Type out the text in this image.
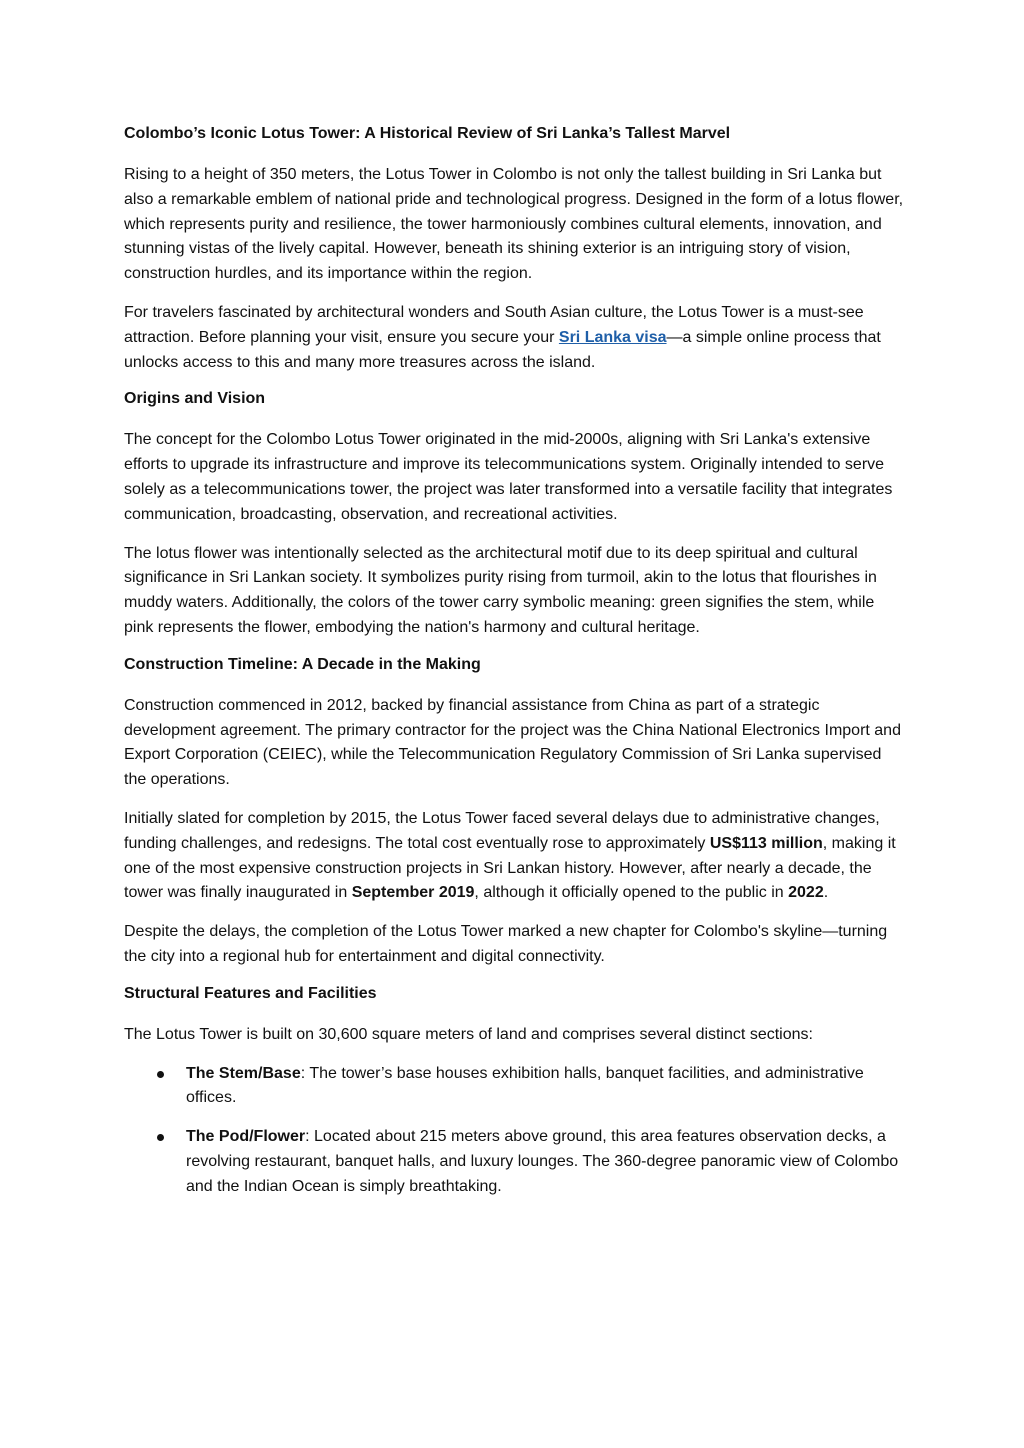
Colombo’s Iconic Lotus Tower: A Historical Review of Sri Lanka’s Tallest Marvel

Rising to a height of 350 meters, the Lotus Tower in Colombo is not only the tallest building in Sri Lanka but also a remarkable emblem of national pride and technological progress. Designed in the form of a lotus flower, which represents purity and resilience, the tower harmoniously combines cultural elements, innovation, and stunning vistas of the lively capital. However, beneath its shining exterior is an intriguing story of vision, construction hurdles, and its importance within the region.

For travelers fascinated by architectural wonders and South Asian culture, the Lotus Tower is a must-see attraction. Before planning your visit, ensure you secure your Sri Lanka visa—a simple online process that unlocks access to this and many more treasures across the island.

Origins and Vision

The concept for the Colombo Lotus Tower originated in the mid-2000s, aligning with Sri Lanka's extensive efforts to upgrade its infrastructure and improve its telecommunications system. Originally intended to serve solely as a telecommunications tower, the project was later transformed into a versatile facility that integrates communication, broadcasting, observation, and recreational activities.

The lotus flower was intentionally selected as the architectural motif due to its deep spiritual and cultural significance in Sri Lankan society. It symbolizes purity rising from turmoil, akin to the lotus that flourishes in muddy waters. Additionally, the colors of the tower carry symbolic meaning: green signifies the stem, while pink represents the flower, embodying the nation's harmony and cultural heritage.

Construction Timeline: A Decade in the Making

Construction commenced in 2012, backed by financial assistance from China as part of a strategic development agreement. The primary contractor for the project was the China National Electronics Import and Export Corporation (CEIEC), while the Telecommunication Regulatory Commission of Sri Lanka supervised the operations.

Initially slated for completion by 2015, the Lotus Tower faced several delays due to administrative changes, funding challenges, and redesigns. The total cost eventually rose to approximately US$113 million, making it one of the most expensive construction projects in Sri Lankan history. However, after nearly a decade, the tower was finally inaugurated in September 2019, although it officially opened to the public in 2022.

Despite the delays, the completion of the Lotus Tower marked a new chapter for Colombo's skyline—turning the city into a regional hub for entertainment and digital connectivity.

Structural Features and Facilities

The Lotus Tower is built on 30,600 square meters of land and comprises several distinct sections:

The Stem/Base: The tower’s base houses exhibition halls, banquet facilities, and administrative offices.
The Pod/Flower: Located about 215 meters above ground, this area features observation decks, a revolving restaurant, banquet halls, and luxury lounges. The 360-degree panoramic view of Colombo and the Indian Ocean is simply breathtaking.
